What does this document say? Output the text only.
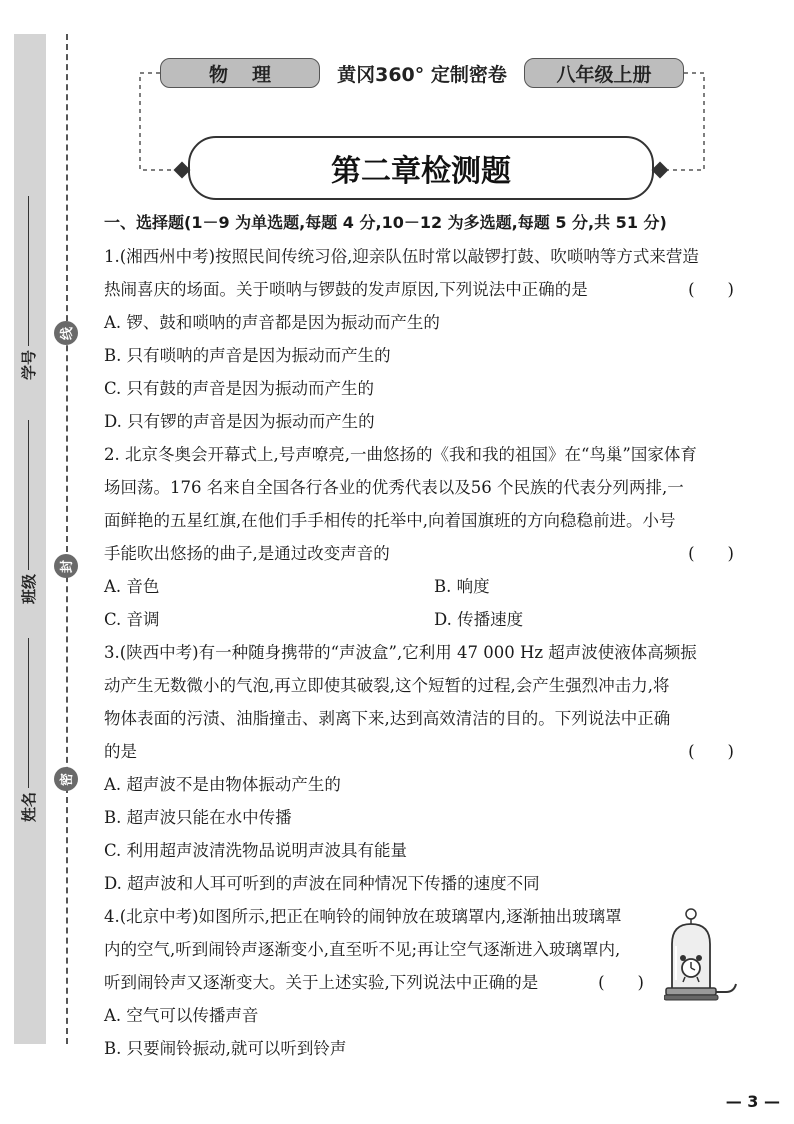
学号
班级
姓名
线
封
密
物理	黄冈360° 定制密卷	八年级上册
第二章检测题
一、选择题(1－9 为单选题,每题 4 分,10－12 为多选题,每题 5 分,共 51 分)
1.(湘西州中考)按照民间传统习俗,迎亲队伍时常以敲锣打鼓、吹唢呐等方式来营造
热闹喜庆的场面。关于唢呐与锣鼓的发声原因,下列说法中正确的是	(　　)
A. 锣、鼓和唢呐的声音都是因为振动而产生的
B. 只有唢呐的声音是因为振动而产生的
C. 只有鼓的声音是因为振动而产生的
D. 只有锣的声音是因为振动而产生的
2. 北京冬奥会开幕式上,号声嘹亮,一曲悠扬的《我和我的祖国》在“鸟巢”国家体育
场回荡。176 名来自全国各行各业的优秀代表以及56 个民族的代表分列两排,一
面鲜艳的五星红旗,在他们手手相传的托举中,向着国旗班的方向稳稳前进。小号
手能吹出悠扬的曲子,是通过改变声音的	(　　)
A. 音色	B. 响度
C. 音调	D. 传播速度
3.(陕西中考)有一种随身携带的“声波盒”,它利用 47 000 Hz 超声波使液体高频振
动产生无数微小的气泡,再立即使其破裂,这个短暂的过程,会产生强烈冲击力,将
物体表面的污渍、油脂撞击、剥离下来,达到高效清洁的目的。下列说法中正确
的是	(　　)
A. 超声波不是由物体振动产生的
B. 超声波只能在水中传播
C. 利用超声波清洗物品说明声波具有能量
D. 超声波和人耳可听到的声波在同种情况下传播的速度不同
4.(北京中考)如图所示,把正在响铃的闹钟放在玻璃罩内,逐渐抽出玻璃罩
内的空气,听到闹铃声逐渐变小,直至听不见;再让空气逐渐进入玻璃罩内,
听到闹铃声又逐渐变大。关于上述实验,下列说法中正确的是	(　　)
A. 空气可以传播声音
B. 只要闹铃振动,就可以听到铃声
— 3 —
